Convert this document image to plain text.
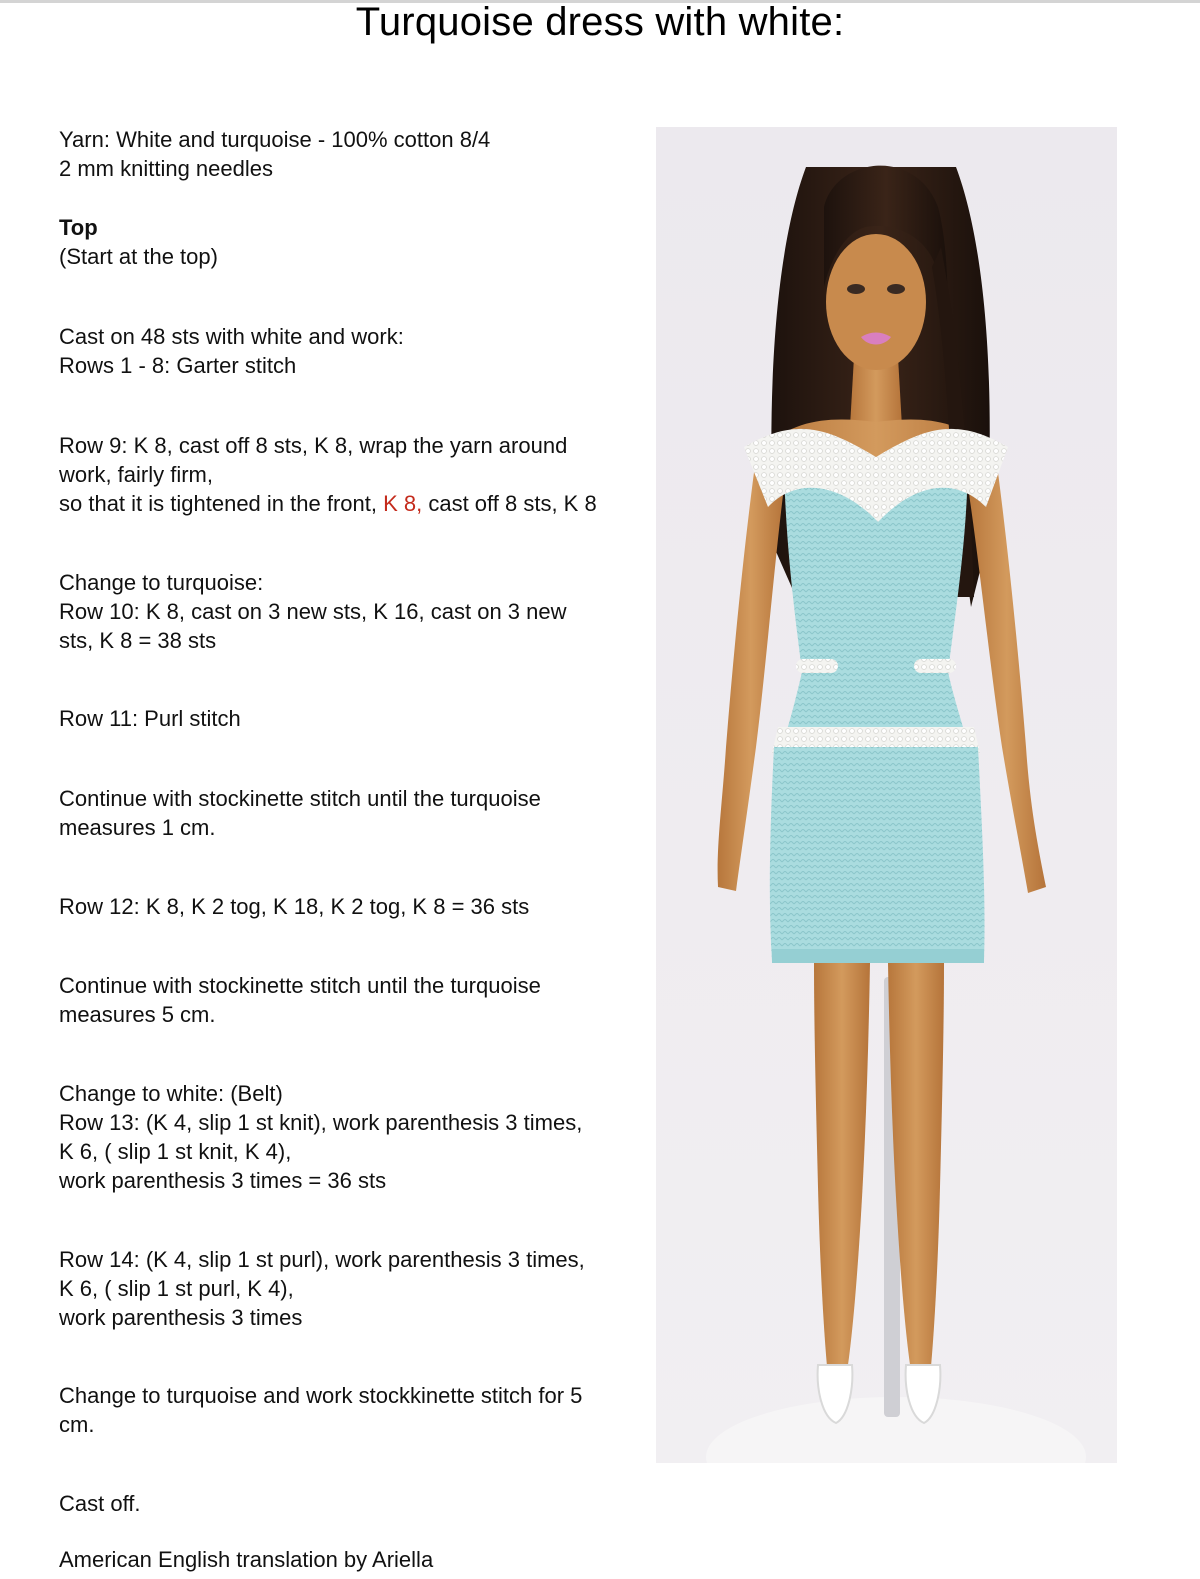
Turquoise dress with white:

Yarn: White and turquoise - 100% cotton 8/4
2 mm knitting needles

Top
(Start at the top)

Cast on 48 sts with white and work:
Rows 1 - 8: Garter stitch

Row 9: K 8, cast off 8 sts, K 8, wrap the yarn around
work, fairly firm,
so that it is tightened in the front, K 8, cast off 8 sts, K 8

Change to turquoise:
Row 10: K 8, cast on 3 new sts, K 16, cast on 3 new
sts, K 8 = 38 sts

Row 11: Purl stitch

Continue with stockinette stitch until the turquoise
measures 1 cm.

Row 12: K 8, K 2 tog, K 18, K 2 tog, K 8 = 36 sts

Continue with stockinette stitch until the turquoise
measures 5 cm.

Change to white: (Belt)
Row 13: (K 4, slip 1 st knit), work parenthesis 3 times,
K 6, ( slip 1 st knit, K 4),
work parenthesis 3 times = 36 sts

Row 14: (K 4, slip 1 st purl), work parenthesis 3 times,
K 6, ( slip 1 st purl, K 4),
work parenthesis 3 times

Change to turquoise and work stockkinette stitch for 5
cm.

Cast off.

American English translation by Ariella
